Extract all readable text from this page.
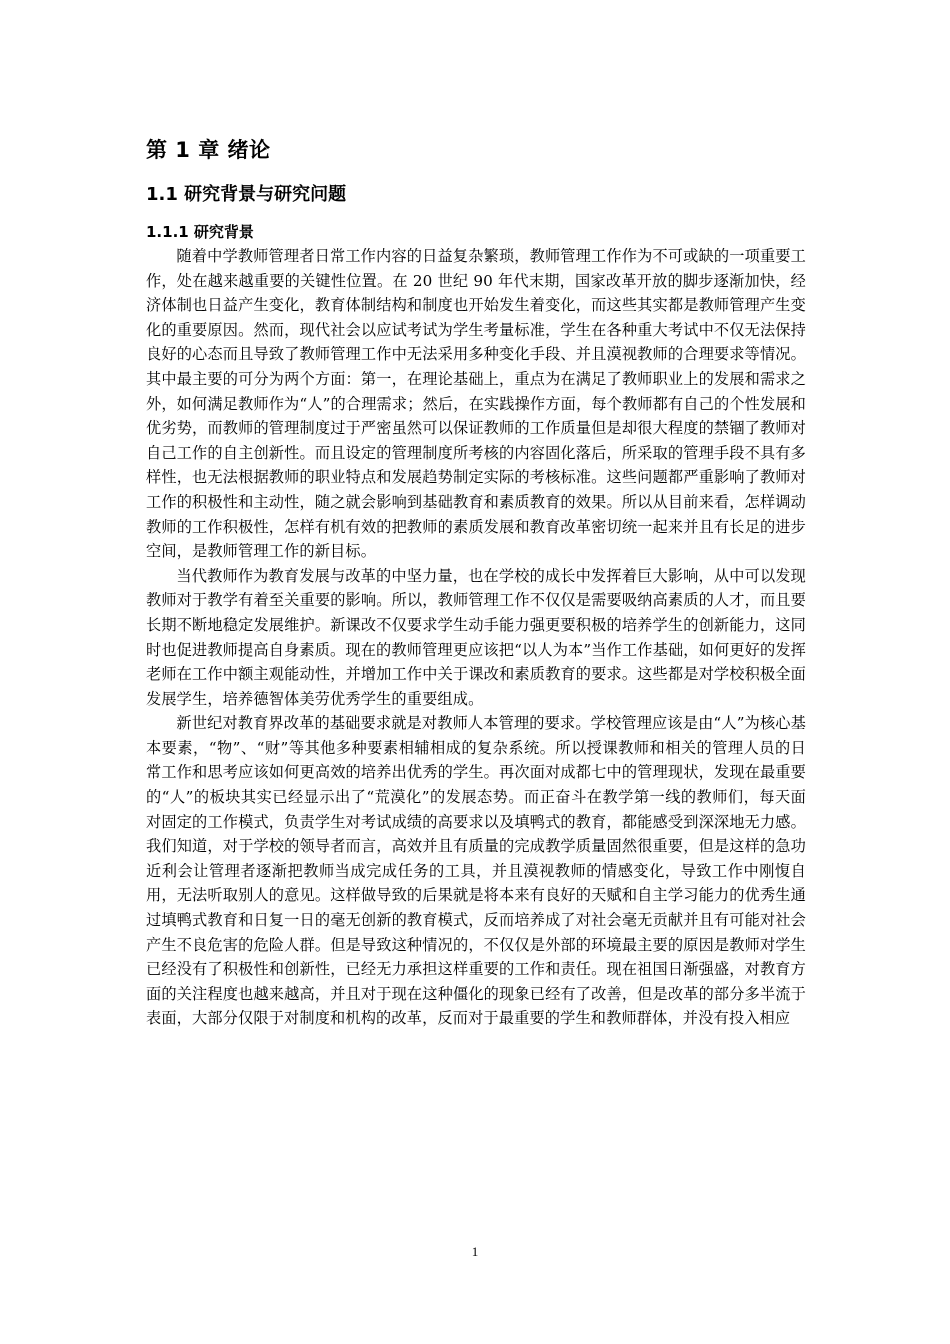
第 1 章 绪论
1.1 研究背景与研究问题
1.1.1 研究背景

随着中学教师管理者日常工作内容的日益复杂繁琐，教师管理工作作为不可或缺的一项重要工作，处在越来越重要的关键性位置。在 20 世纪 90 年代末期，国家改革开放的脚步逐渐加快，经济体制也日益产生变化，教育体制结构和制度也开始发生着变化，而这些其实都是教师管理产生变化的重要原因。然而，现代社会以应试考试为学生考量标准，学生在各种重大考试中不仅无法保持良好的心态而且导致了教师管理工作中无法采用多种变化手段、并且漠视教师的合理要求等情况。其中最主要的可分为两个方面：第一，在理论基础上，重点为在满足了教师职业上的发展和需求之外，如何满足教师作为“人”的合理需求；然后，在实践操作方面，每个教师都有自己的个性发展和优劣势，而教师的管理制度过于严密虽然可以保证教师的工作质量但是却很大程度的禁锢了教师对自己工作的自主创新性。而且设定的管理制度所考核的内容固化落后，所采取的管理手段不具有多样性，也无法根据教师的职业特点和发展趋势制定实际的考核标准。这些问题都严重影响了教师对工作的积极性和主动性，随之就会影响到基础教育和素质教育的效果。所以从目前来看，怎样调动教师的工作积极性，怎样有机有效的把教师的素质发展和教育改革密切统一起来并且有长足的进步空间，是教师管理工作的新目标。

当代教师作为教育发展与改革的中坚力量，也在学校的成长中发挥着巨大影响，从中可以发现教师对于教学有着至关重要的影响。所以，教师管理工作不仅仅是需要吸纳高素质的人才，而且要长期不断地稳定发展维护。新课改不仅要求学生动手能力强更要积极的培养学生的创新能力，这同时也促进教师提高自身素质。现在的教师管理更应该把“以人为本”当作工作基础，如何更好的发挥老师在工作中额主观能动性，并增加工作中关于课改和素质教育的要求。这些都是对学校积极全面发展学生，培养德智体美劳优秀学生的重要组成。

新世纪对教育界改革的基础要求就是对教师人本管理的要求。学校管理应该是由“人”为核心基本要素，“物”、“财”等其他多种要素相辅相成的复杂系统。所以授课教师和相关的管理人员的日常工作和思考应该如何更高效的培养出优秀的学生。再次面对成都七中的管理现状，发现在最重要的“人”的板块其实已经显示出了“荒漠化”的发展态势。而正奋斗在教学第一线的教师们，每天面对固定的工作模式，负责学生对考试成绩的高要求以及填鸭式的教育，都能感受到深深地无力感。我们知道，对于学校的领导者而言，高效并且有质量的完成教学质量固然很重要，但是这样的急功近利会让管理者逐渐把教师当成完成任务的工具，并且漠视教师的情感变化，导致工作中刚愎自用，无法听取别人的意见。这样做导致的后果就是将本来有良好的天赋和自主学习能力的优秀生通过填鸭式教育和日复一日的毫无创新的教育模式，反而培养成了对社会毫无贡献并且有可能对社会产生不良危害的危险人群。但是导致这种情况的，不仅仅是外部的环境最主要的原因是教师对学生已经没有了积极性和创新性，已经无力承担这样重要的工作和责任。现在祖国日渐强盛，对教育方面的关注程度也越来越高，并且对于现在这种僵化的现象已经有了改善，但是改革的部分多半流于表面，大部分仅限于对制度和机构的改革，反而对于最重要的学生和教师群体，并没有投入相应

1
